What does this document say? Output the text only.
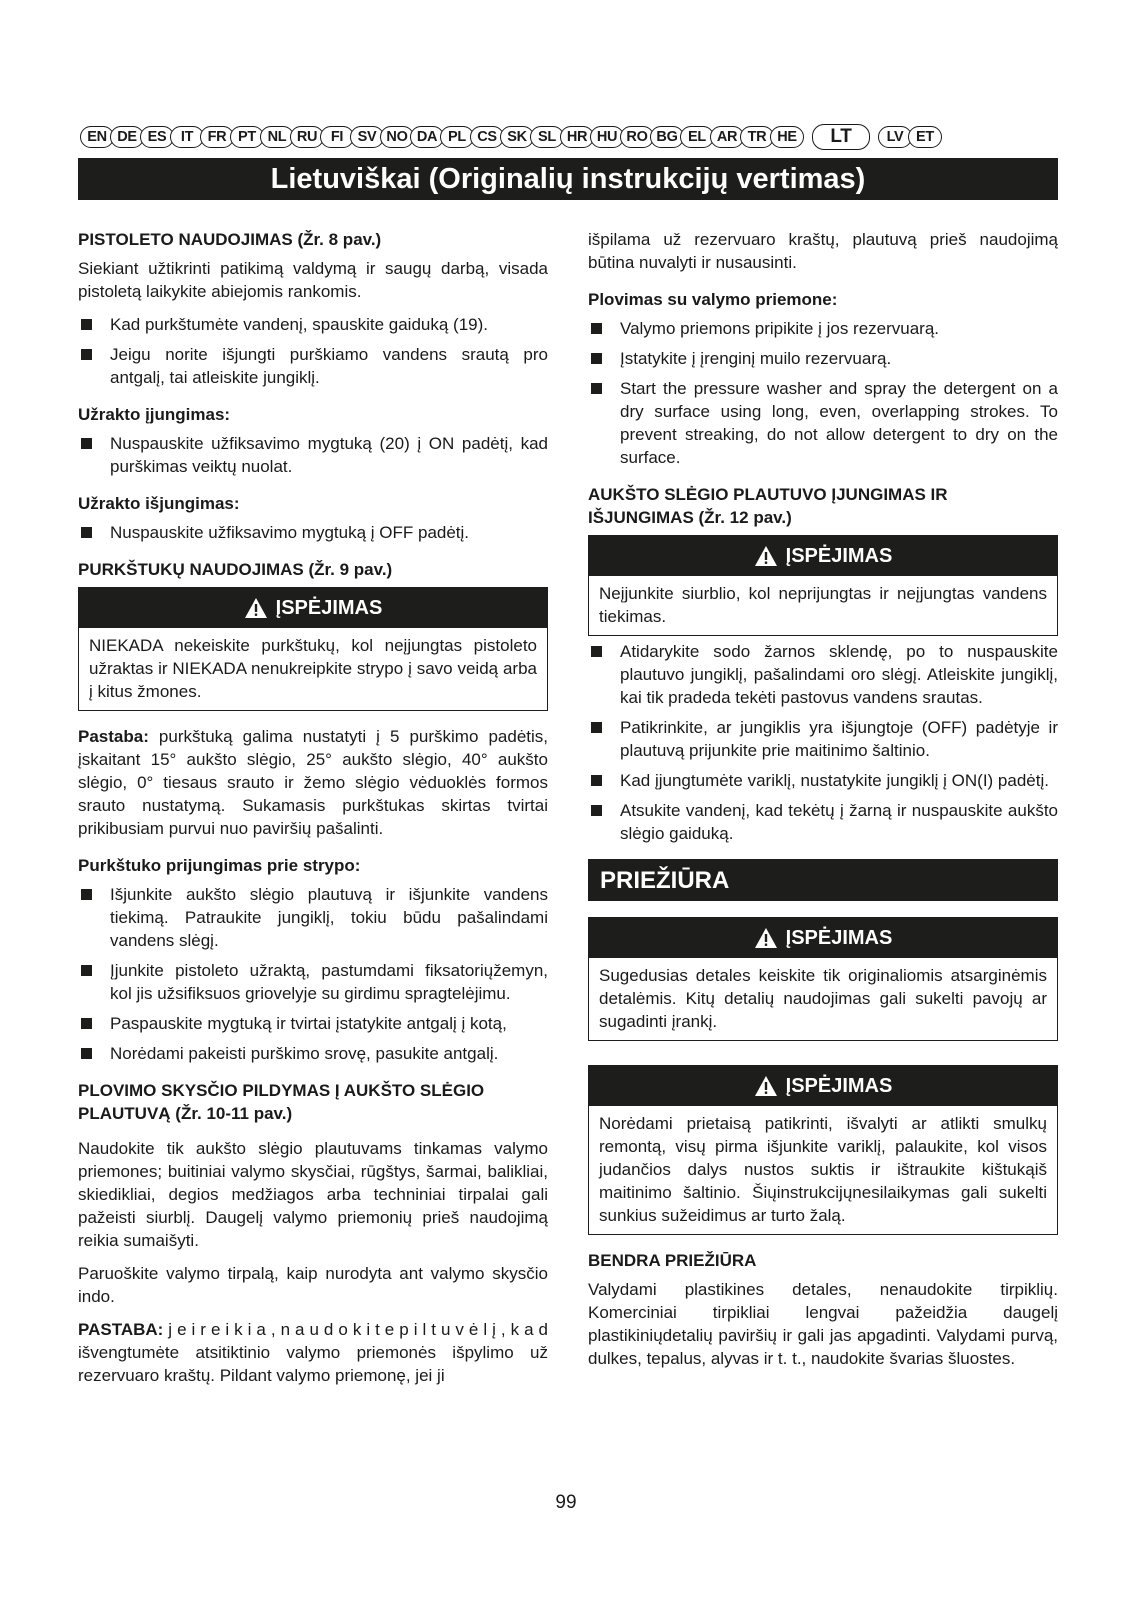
EN DE ES IT FR PT NL RU FI SV NO DA PL CS SK SL HR HU RO BG EL AR TR HE	LT	LV ET
Lietuviškai (Originalių instrukcijų vertimas)
PISTOLETO NAUDOJIMAS (Žr. 8 pav.)
Siekiant užtikrinti patikimą valdymą ir saugų darbą, visada pistoletą laikykite abiejomis rankomis.
Kad purkštumėte vandenį, spauskite gaiduką (19).
Jeigu norite išjungti purškiamo vandens srautą pro antgalį, tai atleiskite jungiklį.
Užrakto įjungimas:
Nuspauskite užfiksavimo mygtuką (20) į ON padėtį, kad purškimas veiktų nuolat.
Užrakto išjungimas:
Nuspauskite užfiksavimo mygtuką į OFF padėtį.
PURKŠTUKŲ NAUDOJIMAS (Žr. 9 pav.)
ĮSPĖJIMAS
NIEKADA nekeiskite purkštukų, kol neįjungtas pistoleto užraktas ir NIEKADA nenukreipkite strypo į savo veidą arba į kitus žmones.
Pastaba: purkštuką galima nustatyti į 5 purškimo padėtis, įskaitant 15° aukšto slėgio, 25° aukšto slėgio, 40° aukšto slėgio, 0° tiesaus srauto ir žemo slėgio vėduoklės formos srauto nustatymą. Sukamasis purkštukas skirtas tvirtai prikibusiam purvui nuo paviršių pašalinti.
Purkštuko prijungimas prie strypo:
Išjunkite aukšto slėgio plautuvą ir išjunkite vandens tiekimą. Patraukite jungiklį, tokiu būdu pašalindami vandens slėgį.
Įjunkite pistoleto užraktą, pastumdami fiksatoriųžemyn, kol jis užsifiksuos griovelyje su girdimu spragtelėjimu.
Paspauskite mygtuką ir tvirtai įstatykite antgalį į kotą,
Norėdami pakeisti purškimo srovę, pasukite antgalį.
PLOVIMO SKYSČIO PILDYMAS Į AUKŠTO SLĖGIO PLAUTUVĄ (Žr. 10-11 pav.)
Naudokite tik aukšto slėgio plautuvams tinkamas valymo priemones; buitiniai valymo skysčiai, rūgštys, šarmai, balikliai, skiedikliai, degios medžiagos arba techniniai tirpalai gali pažeisti siurblį. Daugelį valymo priemonių prieš naudojimą reikia sumaišyti.
Paruoškite valymo tirpalą, kaip nurodyta ant valymo skysčio indo.
PASTABA: j e i r e i k i a , n a u d o k i t e p i l t u v ė l į , k a d išvengtumėte atsitiktinio valymo priemonės išpylimo už rezervuaro kraštų. Pildant valymo priemonę, jei ji
išpilama už rezervuaro kraštų, plautuvą prieš naudojimą būtina nuvalyti ir nusausinti.
Plovimas su valymo priemone:
Valymo priemons pripikite į jos rezervuarą.
Įstatykite į įrenginį muilo rezervuarą.
Start the pressure washer and spray the detergent on a dry surface using long, even, overlapping strokes. To prevent streaking, do not allow detergent to dry on the surface.
AUKŠTO SLĖGIO PLAUTUVO ĮJUNGIMAS IR IŠJUNGIMAS (Žr. 12 pav.)
ĮSPĖJIMAS
Neįjunkite siurblio, kol neprijungtas ir neįjungtas vandens tiekimas.
Atidarykite sodo žarnos sklendę, po to nuspauskite plautuvo jungiklį, pašalindami oro slėgį. Atleiskite jungiklį, kai tik pradeda tekėti pastovus vandens srautas.
Patikrinkite, ar jungiklis yra išjungtoje (OFF) padėtyje ir plautuvą prijunkite prie maitinimo šaltinio.
Kad įjungtumėte variklį, nustatykite jungiklį į ON(I) padėtį.
Atsukite vandenį, kad tekėtų į žarną ir nuspauskite aukšto slėgio gaiduką.
PRIEŽIŪRA
ĮSPĖJIMAS
Sugedusias detales keiskite tik originaliomis atsarginėmis detalėmis. Kitų detalių naudojimas gali sukelti pavojų ar sugadinti įrankį.
ĮSPĖJIMAS
Norėdami prietaisą patikrinti, išvalyti ar atlikti smulkų remontą, visų pirma išjunkite variklį, palaukite, kol visos judančios dalys nustos suktis ir ištraukite kištukąiš maitinimo šaltinio. Šiųinstrukcijųnesilaikymas gali sukelti sunkius sužeidimus ar turto žalą.
BENDRA PRIEŽIŪRA
Valydami plastikines detales, nenaudokite tirpiklių. Komerciniai tirpikliai lengvai pažeidžia daugelį plastikiniųdetalių paviršių ir gali jas apgadinti. Valydami purvą, dulkes, tepalus, alyvas ir t. t., naudokite švarias šluostes.
99
